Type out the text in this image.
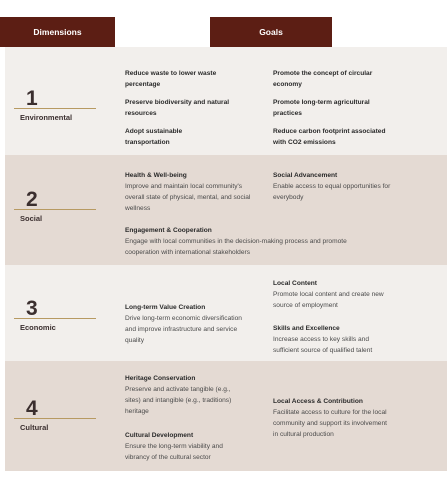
Dimensions	Goals
1
Environmental
Reduce waste to lower waste percentage
Promote the concept of circular economy
Preserve biodiversity and natural resources
Promote long-term agricultural practices
Adopt sustainable transportation
Reduce carbon footprint associated with CO2 emissions
2
Social
Health & Well-being
Improve and maintain local community's overall state of physical, mental, and social wellness
Social Advancement
Enable access to equal opportunities for everybody
Engagement & Cooperation
Engage with local communities in the decision-making process and promote cooperation with international stakeholders
3
Economic
Local Content
Promote local content and create new source of employment
Long-term Value Creation
Drive long-term economic diversification and improve infrastructure and service quality
Skills and Excellence
Increase access to key skills and sufficient source of qualified talent
4
Cultural
Heritage Conservation
Preserve and activate tangible (e.g., sites) and intangible (e.g., traditions) heritage
Local Access & Contribution
Facilitate access to culture for the local community and support its involvement in cultural production
Cultural Development
Ensure the long-term viability and vibrancy of the cultural sector
